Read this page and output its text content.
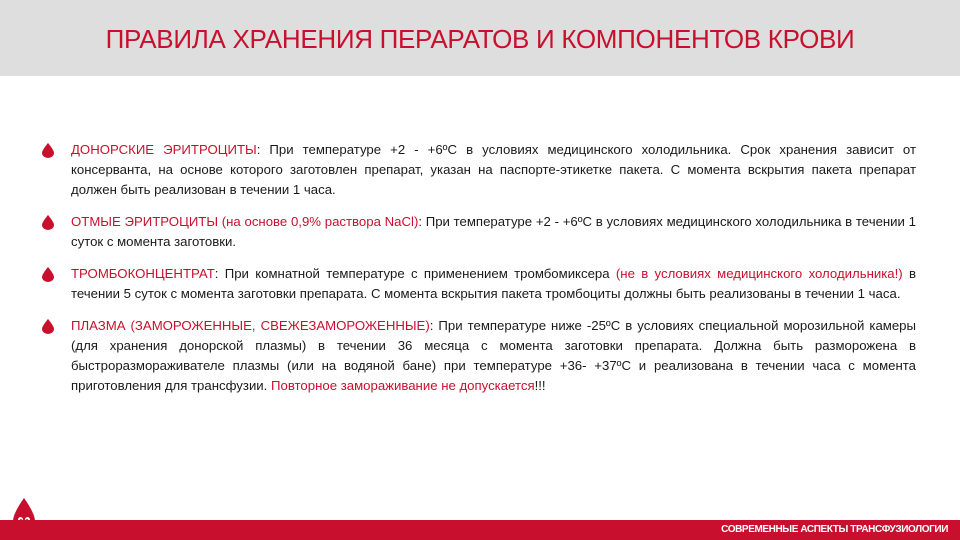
ПРАВИЛА ХРАНЕНИЯ ПЕРАРАТОВ И КОМПОНЕНТОВ КРОВИ
ДОНОРСКИЕ ЭРИТРОЦИТЫ: При температуре +2 - +6ºС в условиях медицинского холодильника. Срок хранения зависит от консерванта, на основе которого заготовлен препарат, указан на паспорте-этикетке пакета. С момента вскрытия пакета препарат должен быть реализован в течении 1 часа.
ОТМЫЕ ЭРИТРОЦИТЫ (на основе 0,9% раствора NaCl): При температуре +2 - +6ºС в условиях медицинского холодильника в течении 1 суток с момента заготовки.
ТРОМБОКОНЦЕНТРАТ: При комнатной температуре с применением тромбомиксера (не в условиях медицинского холодильника!) в течении 5 суток с момента заготовки препарата. С момента вскрытия пакета тромбоциты должны быть реализованы в течении 1 часа.
ПЛАЗМА (ЗАМОРОЖЕННЫЕ, СВЕЖЕЗАМОРОЖЕННЫЕ): При температуре ниже -25ºС в условиях специальной морозильной камеры (для хранения донорской плазмы) в течении 36 месяца с момента заготовки препарата. Должна быть разморожена в быстроразмораживателе плазмы (или на водяной бане) при температуре +36- +37ºС и реализована в течении часа с момента приготовления для трансфузии. Повторное замораживание не допускается!!!
СОВРЕМЕННЫЕ АСПЕКТЫ ТРАНСФУЗИОЛОГИИ
